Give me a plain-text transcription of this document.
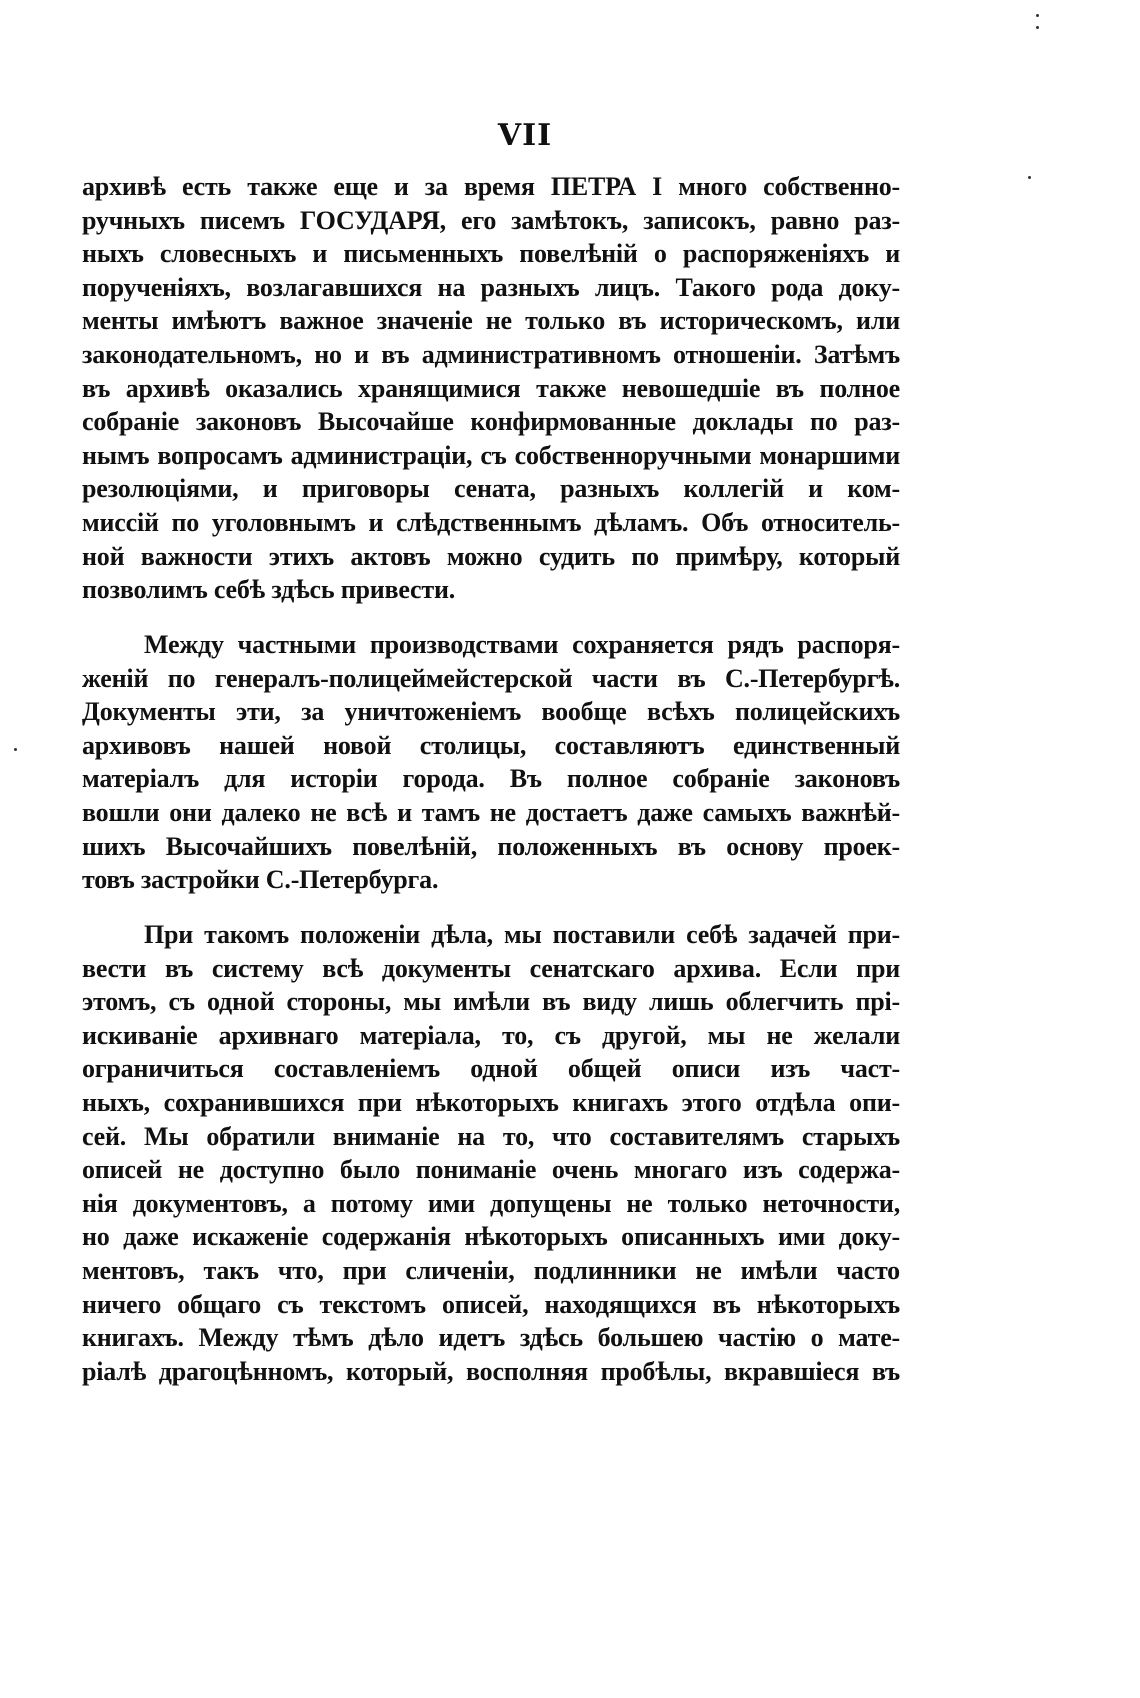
VII
архивѣ есть также еще и за время ПЕТРА I много собственно-
ручныхъ писемъ ГОСУДАРЯ, его замѣтокъ, записокъ, равно раз-
ныхъ словесныхъ и письменныхъ повелѣній о распоряженіяхъ и
порученіяхъ, возлагавшихся на разныхъ лицъ. Такого рода доку-
менты имѣютъ важное значеніе не только въ историческомъ, или
законодательномъ, но и въ административномъ отношеніи. Затѣмъ
въ архивѣ оказались хранящимися также невошедшіе въ полное
собраніе законовъ Высочайше конфирмованные доклады по раз-
нымъ вопросамъ администраціи, съ собственноручными монаршими
резолюціями, и приговоры сената, разныхъ коллегій и ком-
миссій по уголовнымъ и слѣдственнымъ дѣламъ. Объ относитель-
ной важности этихъ актовъ можно судить по примѣру, который
позволимъ себѣ здѣсь привести.
Между частными производствами сохраняется рядъ распоря-
женій по генералъ-полицеймейстерской части въ С.-Петербургѣ.
Документы эти, за уничтоженіемъ вообще всѣхъ полицейскихъ
архивовъ нашей новой столицы, составляютъ единственный
матеріалъ для исторіи города. Въ полное собраніе законовъ
вошли они далеко не всѣ и тамъ не достаетъ даже самыхъ важнѣй-
шихъ Высочайшихъ повелѣній, положенныхъ въ основу проек-
товъ застройки С.-Петербурга.
При такомъ положеніи дѣла, мы поставили себѣ задачей при-
вести въ систему всѣ документы сенатскаго архива. Если при
этомъ, съ одной стороны, мы имѣли въ виду лишь облегчить прі-
искиваніе архивнаго матеріала, то, съ другой, мы не желали
ограничиться составленіемъ одной общей описи изъ част-
ныхъ, сохранившихся при нѣкоторыхъ книгахъ этого отдѣла опи-
сей. Мы обратили вниманіе на то, что составителямъ старыхъ
описей не доступно было пониманіе очень многаго изъ содержа-
нія документовъ, а потому ими допущены не только неточности,
но даже искаженіе содержанія нѣкоторыхъ описанныхъ ими доку-
ментовъ, такъ что, при сличеніи, подлинники не имѣли часто
ничего общаго съ текстомъ описей, находящихся въ нѣкоторыхъ
книгахъ. Между тѣмъ дѣло идетъ здѣсь большею частію о мате-
ріалѣ драгоцѣнномъ, который, восполняя пробѣлы, вкравшіеся въ
